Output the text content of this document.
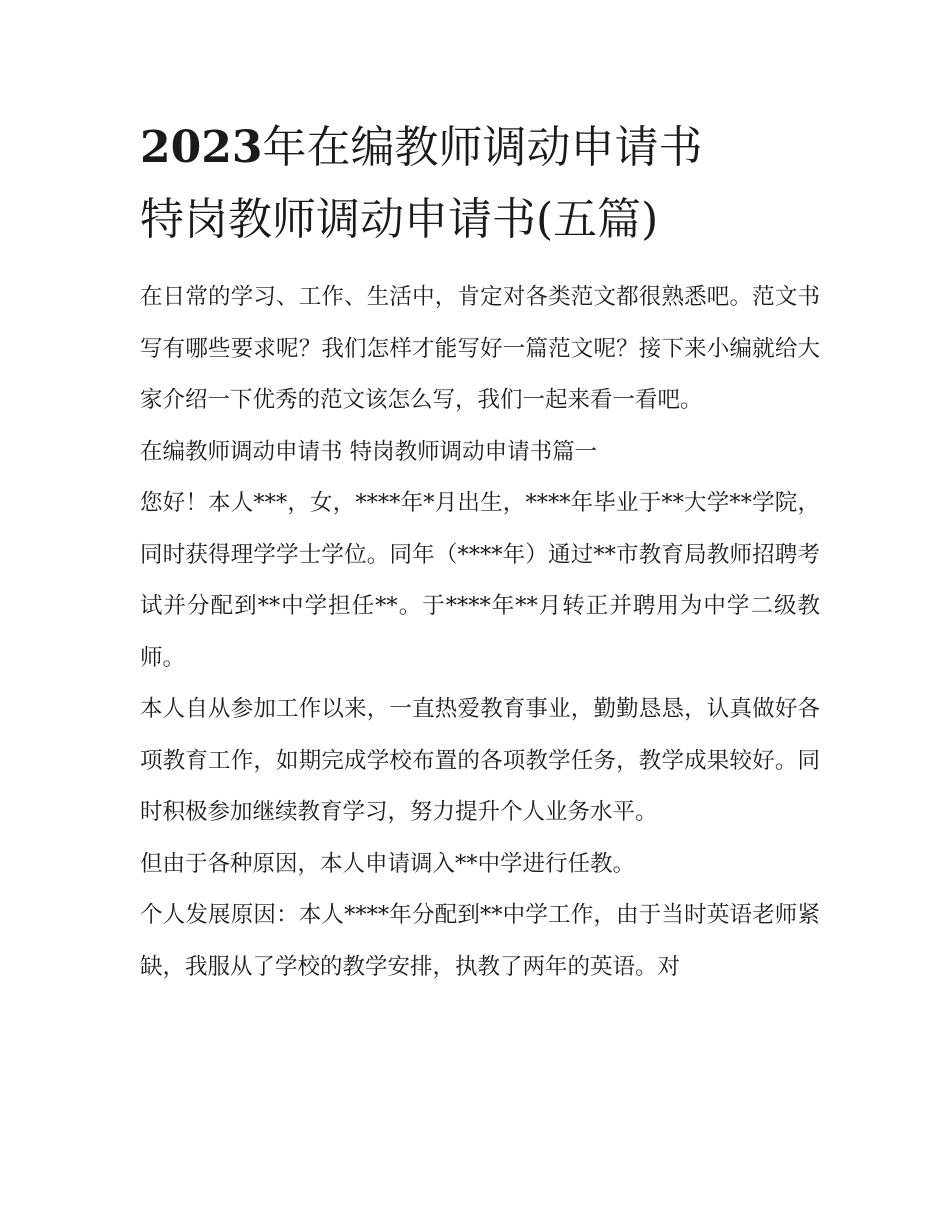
2023年在编教师调动申请书
特岗教师调动申请书(五篇)

在日常的学习、工作、生活中，肯定对各类范文都很熟悉吧。范文书写有哪些要求呢？我们怎样才能写好一篇范文呢？接下来小编就给大家介绍一下优秀的范文该怎么写，我们一起来看一看吧。

在编教师调动申请书 特岗教师调动申请书篇一

您好！本人***，女，****年*月出生，****年毕业于**大学**学院，同时获得理学学士学位。同年（****年）通过**市教育局教师招聘考试并分配到**中学担任**。于****年**月转正并聘用为中学二级教师。

本人自从参加工作以来，一直热爱教育事业，勤勤恳恳，认真做好各项教育工作，如期完成学校布置的各项教学任务，教学成果较好。同时积极参加继续教育学习，努力提升个人业务水平。

但由于各种原因，本人申请调入**中学进行任教。

个人发展原因：本人****年分配到**中学工作，由于当时英语老师紧缺，我服从了学校的教学安排，执教了两年的英语。对
